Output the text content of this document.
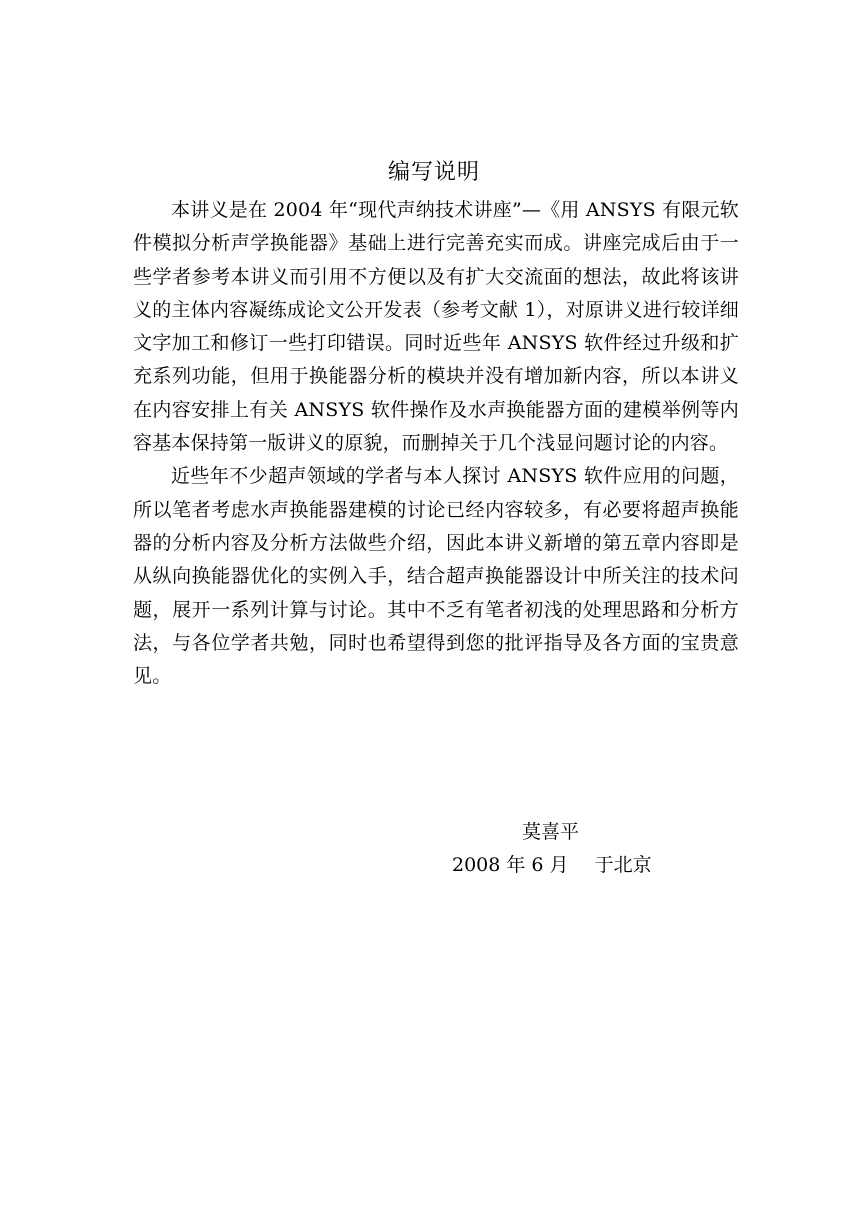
编写说明

本讲义是在 2004 年“现代声纳技术讲座”—《用 ANSYS 有限元软件模拟分析声学换能器》基础上进行完善充实而成。讲座完成后由于一些学者参考本讲义而引用不方便以及有扩大交流面的想法，故此将该讲义的主体内容凝练成论文公开发表（参考文献 1），对原讲义进行较详细文字加工和修订一些打印错误。同时近些年 ANSYS 软件经过升级和扩充系列功能，但用于换能器分析的模块并没有增加新内容，所以本讲义在内容安排上有关 ANSYS 软件操作及水声换能器方面的建模举例等内容基本保持第一版讲义的原貌，而删掉关于几个浅显问题讨论的内容。

近些年不少超声领域的学者与本人探讨 ANSYS 软件应用的问题，所以笔者考虑水声换能器建模的讨论已经内容较多，有必要将超声换能器的分析内容及分析方法做些介绍，因此本讲义新增的第五章内容即是从纵向换能器优化的实例入手，结合超声换能器设计中所关注的技术问题，展开一系列计算与讨论。其中不乏有笔者初浅的处理思路和分析方法，与各位学者共勉，同时也希望得到您的批评指导及各方面的宝贵意见。

莫喜平
2008 年 6 月 于北京
